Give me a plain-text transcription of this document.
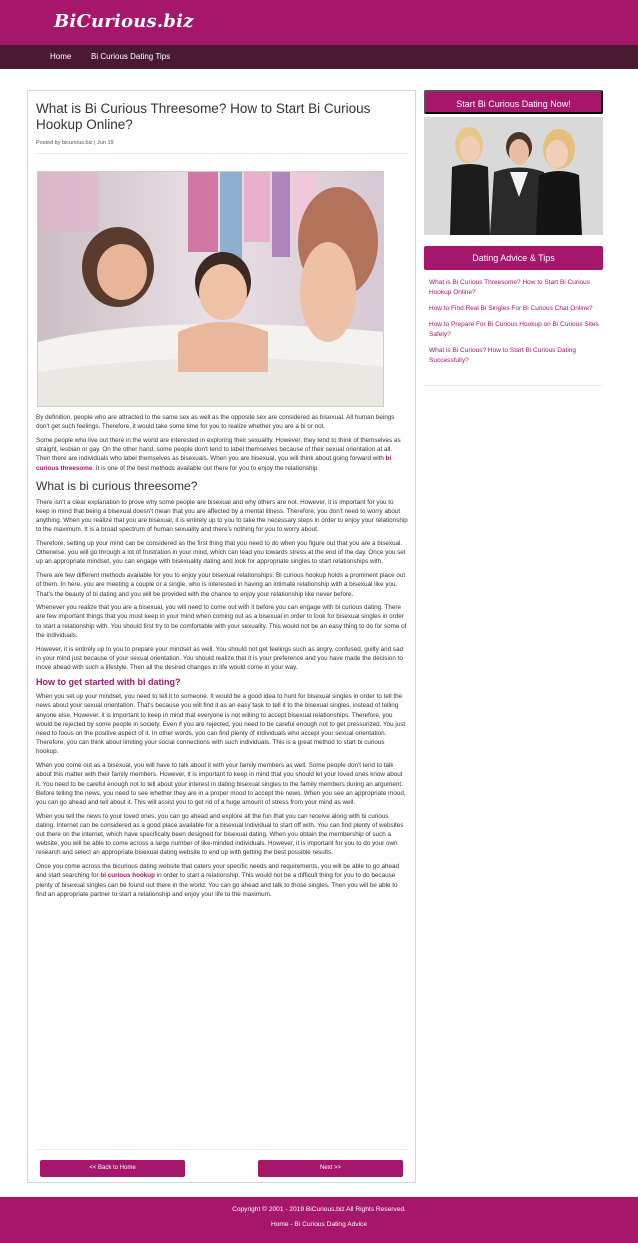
BiCurious.biz
Home Bi Curious Dating Tips
What is Bi Curious Threesome? How to Start Bi Curious Hookup Online?
Posted by bicurious.biz | Jun 19

By definition, people who are attracted to the same sex as well as the opposite sex are considered as bisexual. All human beings don't get such feelings. Therefore, it would take some time for you to realize whether you are a bi or not.

Some people who live out there in the world are interested in exploring their sexuality. However, they tend to think of themselves as straight, lesbian or gay. On the other hand, some people don't tend to label themselves because of their sexual orientation at all. Then there are individuals who label themselves as bisexuals. When you are bisexual, you will think about going forward with bi curious threesome. It is one of the best methods available out there for you to enjoy the relationship.

What is bi curious threesome?

There isn't a clear explanation to prove why some people are bisexual and why others are not. However, it is important for you to keep in mind that being a bisexual doesn't mean that you are affected by a mental illness. Therefore, you don't need to worry about anything. When you realize that you are bisexual, it is entirely up to you to take the necessary steps in order to enjoy your relationship to the maximum. It is a broad spectrum of human sexuality and there's nothing for you to worry about.

Therefore, setting up your mind can be considered as the first thing that you need to do when you figure out that you are a bisexual. Otherwise, you will go through a lot of frustration in your mind, which can lead you towards stress at the end of the day. Once you set up an appropriate mindset, you can engage with bisexuality dating and look for appropriate singles to start relationships with.

There are few different methods available for you to enjoy your bisexual relationships. Bi curious hookup holds a prominent place out of them. In here, you are meeting a couple or a single, who is interested in having an intimate relationship with a bisexual like you. That's the beauty of bi dating and you will be provided with the chance to enjoy your relationship like never before.

Whenever you realize that you are a bisexual, you will need to come out with it before you can engage with bi curious dating. There are few important things that you must keep in your mind when coming out as a bisexual in order to look for bisexual singles in order to start a relationship with. You should first try to be comfortable with your sexuality. This would not be an easy thing to do for some of the individuals.

However, it is entirely up to you to prepare your mindset as well. You should not get feelings such as angry, confused, guilty and sad in your mind just because of your sexual orientation. You should realize that it is your preference and you have made the decision to move ahead with such a lifestyle. Then all the desired changes in life would come in your way.

How to get started with bi dating?

When you set up your mindset, you need to tell it to someone. It would be a good idea to hunt for bisexual singles in order to tell the news about your sexual orientation. That's because you will find it as an easy task to tell it to the bisexual singles, instead of telling anyone else. However, it is important to keep in mind that everyone is not willing to accept bisexual relationships. Therefore, you would be rejected by some people in society. Even if you are rejected, you need to be careful enough not to get pressurized. You just need to focus on the positive aspect of it. In other words, you can find plenty of individuals who accept your sexual orientation. Therefore, you can think about limiting your social connections with such individuals. This is a great method to start bi curious hookup.

When you come out as a bisexual, you will have to talk about it with your family members as well. Some people don't tend to talk about this matter with their family members. However, it is important to keep in mind that you should let your loved ones know about it. You need to be careful enough not to tell about your interest in dating bisexual singles to the family members during an argument. Before telling the news, you need to see whether they are in a proper mood to accept the news. When you see an appropriate mood, you can go ahead and tell about it. This will assist you to get rid of a huge amount of stress from your mind as well.

When you tell the news to your loved ones, you can go ahead and explore all the fun that you can receive along with bi curious dating. Internet can be considered as a good place available for a bisexual individual to start off with. You can find plenty of websites out there on the internet, which have specifically been designed for bisexual dating. When you obtain the membership of such a website, you will be able to come across a large number of like-minded individuals. However, it is important for you to do your own research and select an appropriate bisexual dating website to end up with getting the best possible results.

Once you come across the bicurious dating website that caters your specific needs and requirements, you will be able to go ahead and start searching for bi curious hookup in order to start a relationship. This would not be a difficult thing for you to do because plenty of bisexual singles can be found out there in the world. You can go ahead and talk to those singles. Then you will be able to find an appropriate partner to start a relationship and enjoy your life to the maximum.

<< Back to Home	Next >>
Start Bi Curious Dating Now!
Dating Advice & Tips
What is Bi Curious Threesome? How to Start Bi Curious Hookup Online?
How to Find Real Bi Singles For Bi Curious Chat Online?
How to Prepare For Bi Curious Hookup on Bi Curious Sites Safely?
What is Bi Curious? How to Start Bi Curious Dating Successfully?
Copyright © 2001 - 2019 BiCurious.biz All Rights Reserved.
Home - Bi Curious Dating Advice
